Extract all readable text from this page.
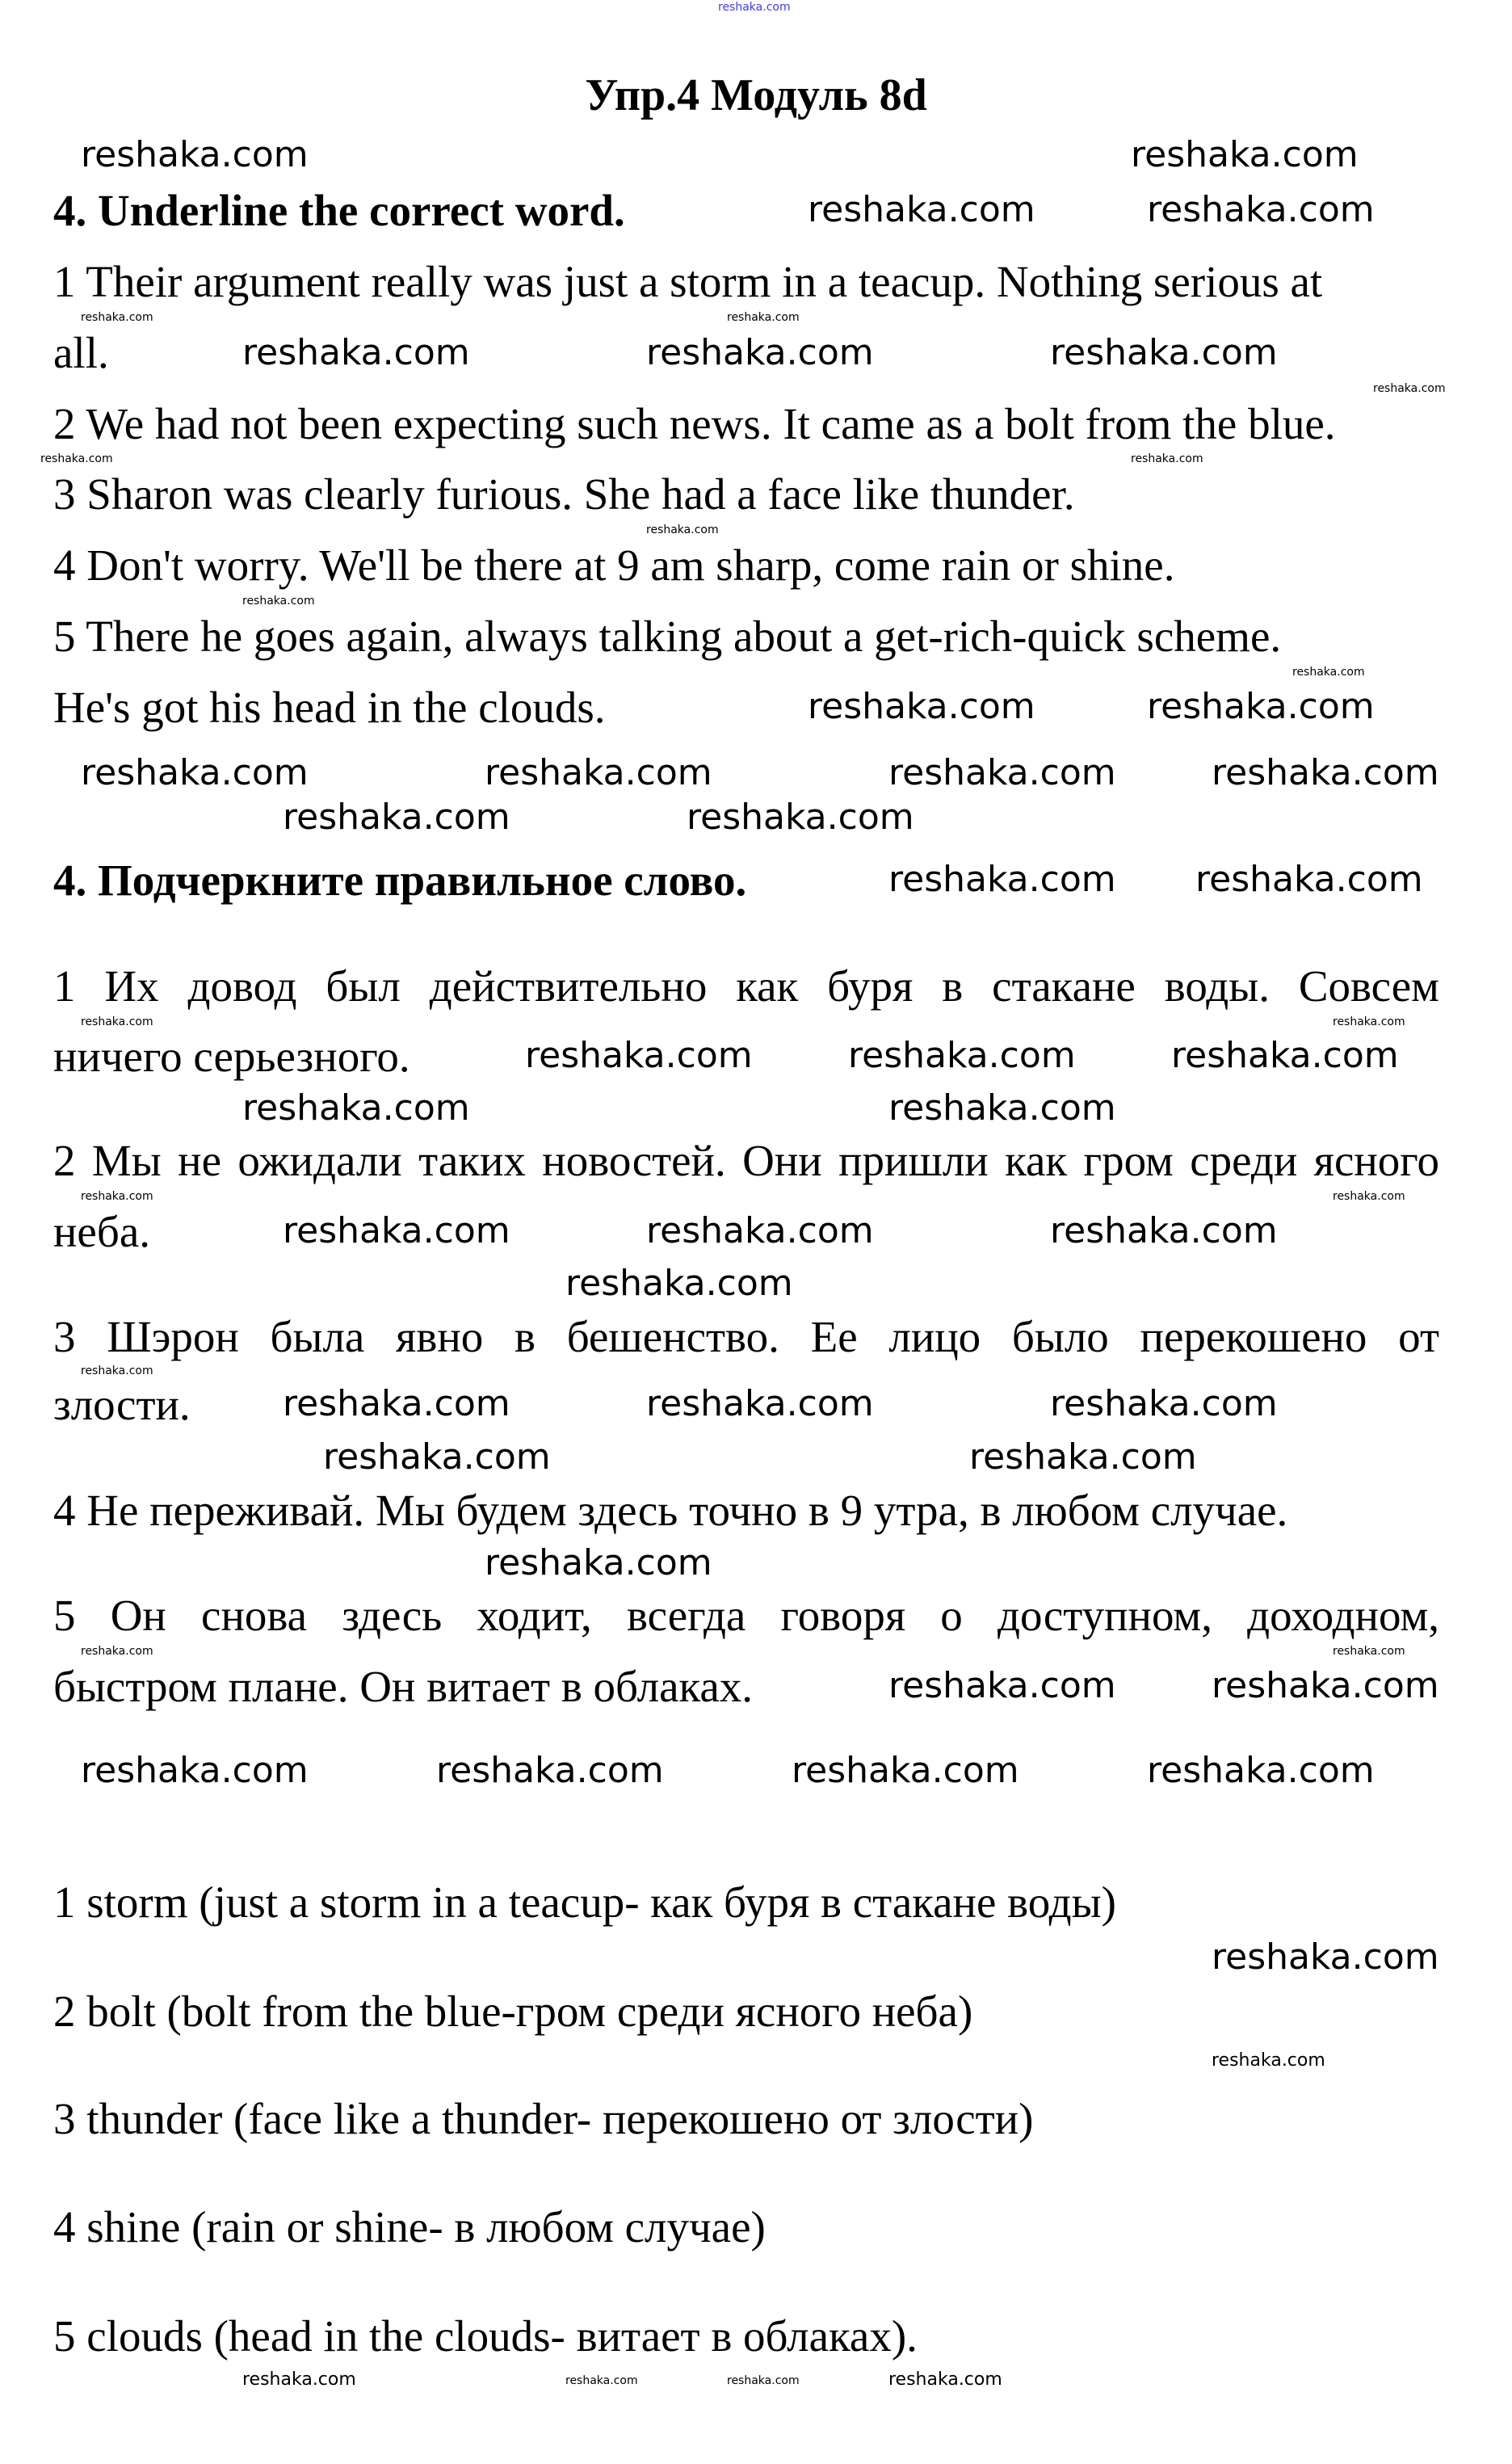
reshaka.com	reshaka.com
reshaka.com	reshaka.com
reshaka.com	reshaka.com	reshaka.com
reshaka.com	reshaka.com
reshaka.com	reshaka.com	reshaka.com	reshaka.com
reshaka.com	reshaka.com
reshaka.com reshaka.com
reshaka.com	reshaka.com	reshaka.com
reshaka.com	reshaka.com
reshaka.com	reshaka.com	reshaka.com
reshaka.com
reshaka.com	reshaka.com	reshaka.com
reshaka.com	reshaka.com
reshaka.com
reshaka.com	reshaka.com
reshaka.com	reshaka.com	reshaka.com	reshaka.com
reshaka.com
reshaka.com	reshaka.com
reshaka.com
reshaka.com	reshaka.com
reshaka.com
reshaka.com
reshaka.com
reshaka.com	reshaka.com
reshaka.com	reshaka.com
reshaka.com
reshaka.com	reshaka.com
reshaka.com	reshaka.com
reshaka.com
reshaka.com	reshaka.com
reshaka.com
Упр.4 Модуль 8d
4. Underline the correct word.
1 Their argument really was just a storm in a teacup. Nothing serious at
all.
2 We had not been expecting such news. It came as a bolt from the blue.
3 Sharon was clearly furious. She had a face like thunder.
4 Don't worry. We'll be there at 9 am sharp, come rain or shine.
5 There he goes again, always talking about a get-rich-quick scheme.
He's got his head in the clouds.
4. Подчеркните правильное слово.
1 Их довод был действительно как буря в стакане воды. Совсем
ничего серьезного.
2 Мы не ожидали таких новостей. Они пришли как гром среди ясного
неба.
3 Шэрон была явно в бешенство. Ее лицо было перекошено от
злости.
4 Не переживай. Мы будем здесь точно в 9 утра, в любом случае.
5 Он снова здесь ходит, всегда говоря о доступном, доходном,
быстром плане. Он витает в облаках.
1 storm (just a storm in a teacup- как буря в стакане воды)
2 bolt (bolt from the blue-гром среди ясного неба)
3 thunder (face like a thunder- перекошено от злости)
4 shine (rain or shine- в любом случае)
5 clouds (head in the clouds- витает в облаках).
